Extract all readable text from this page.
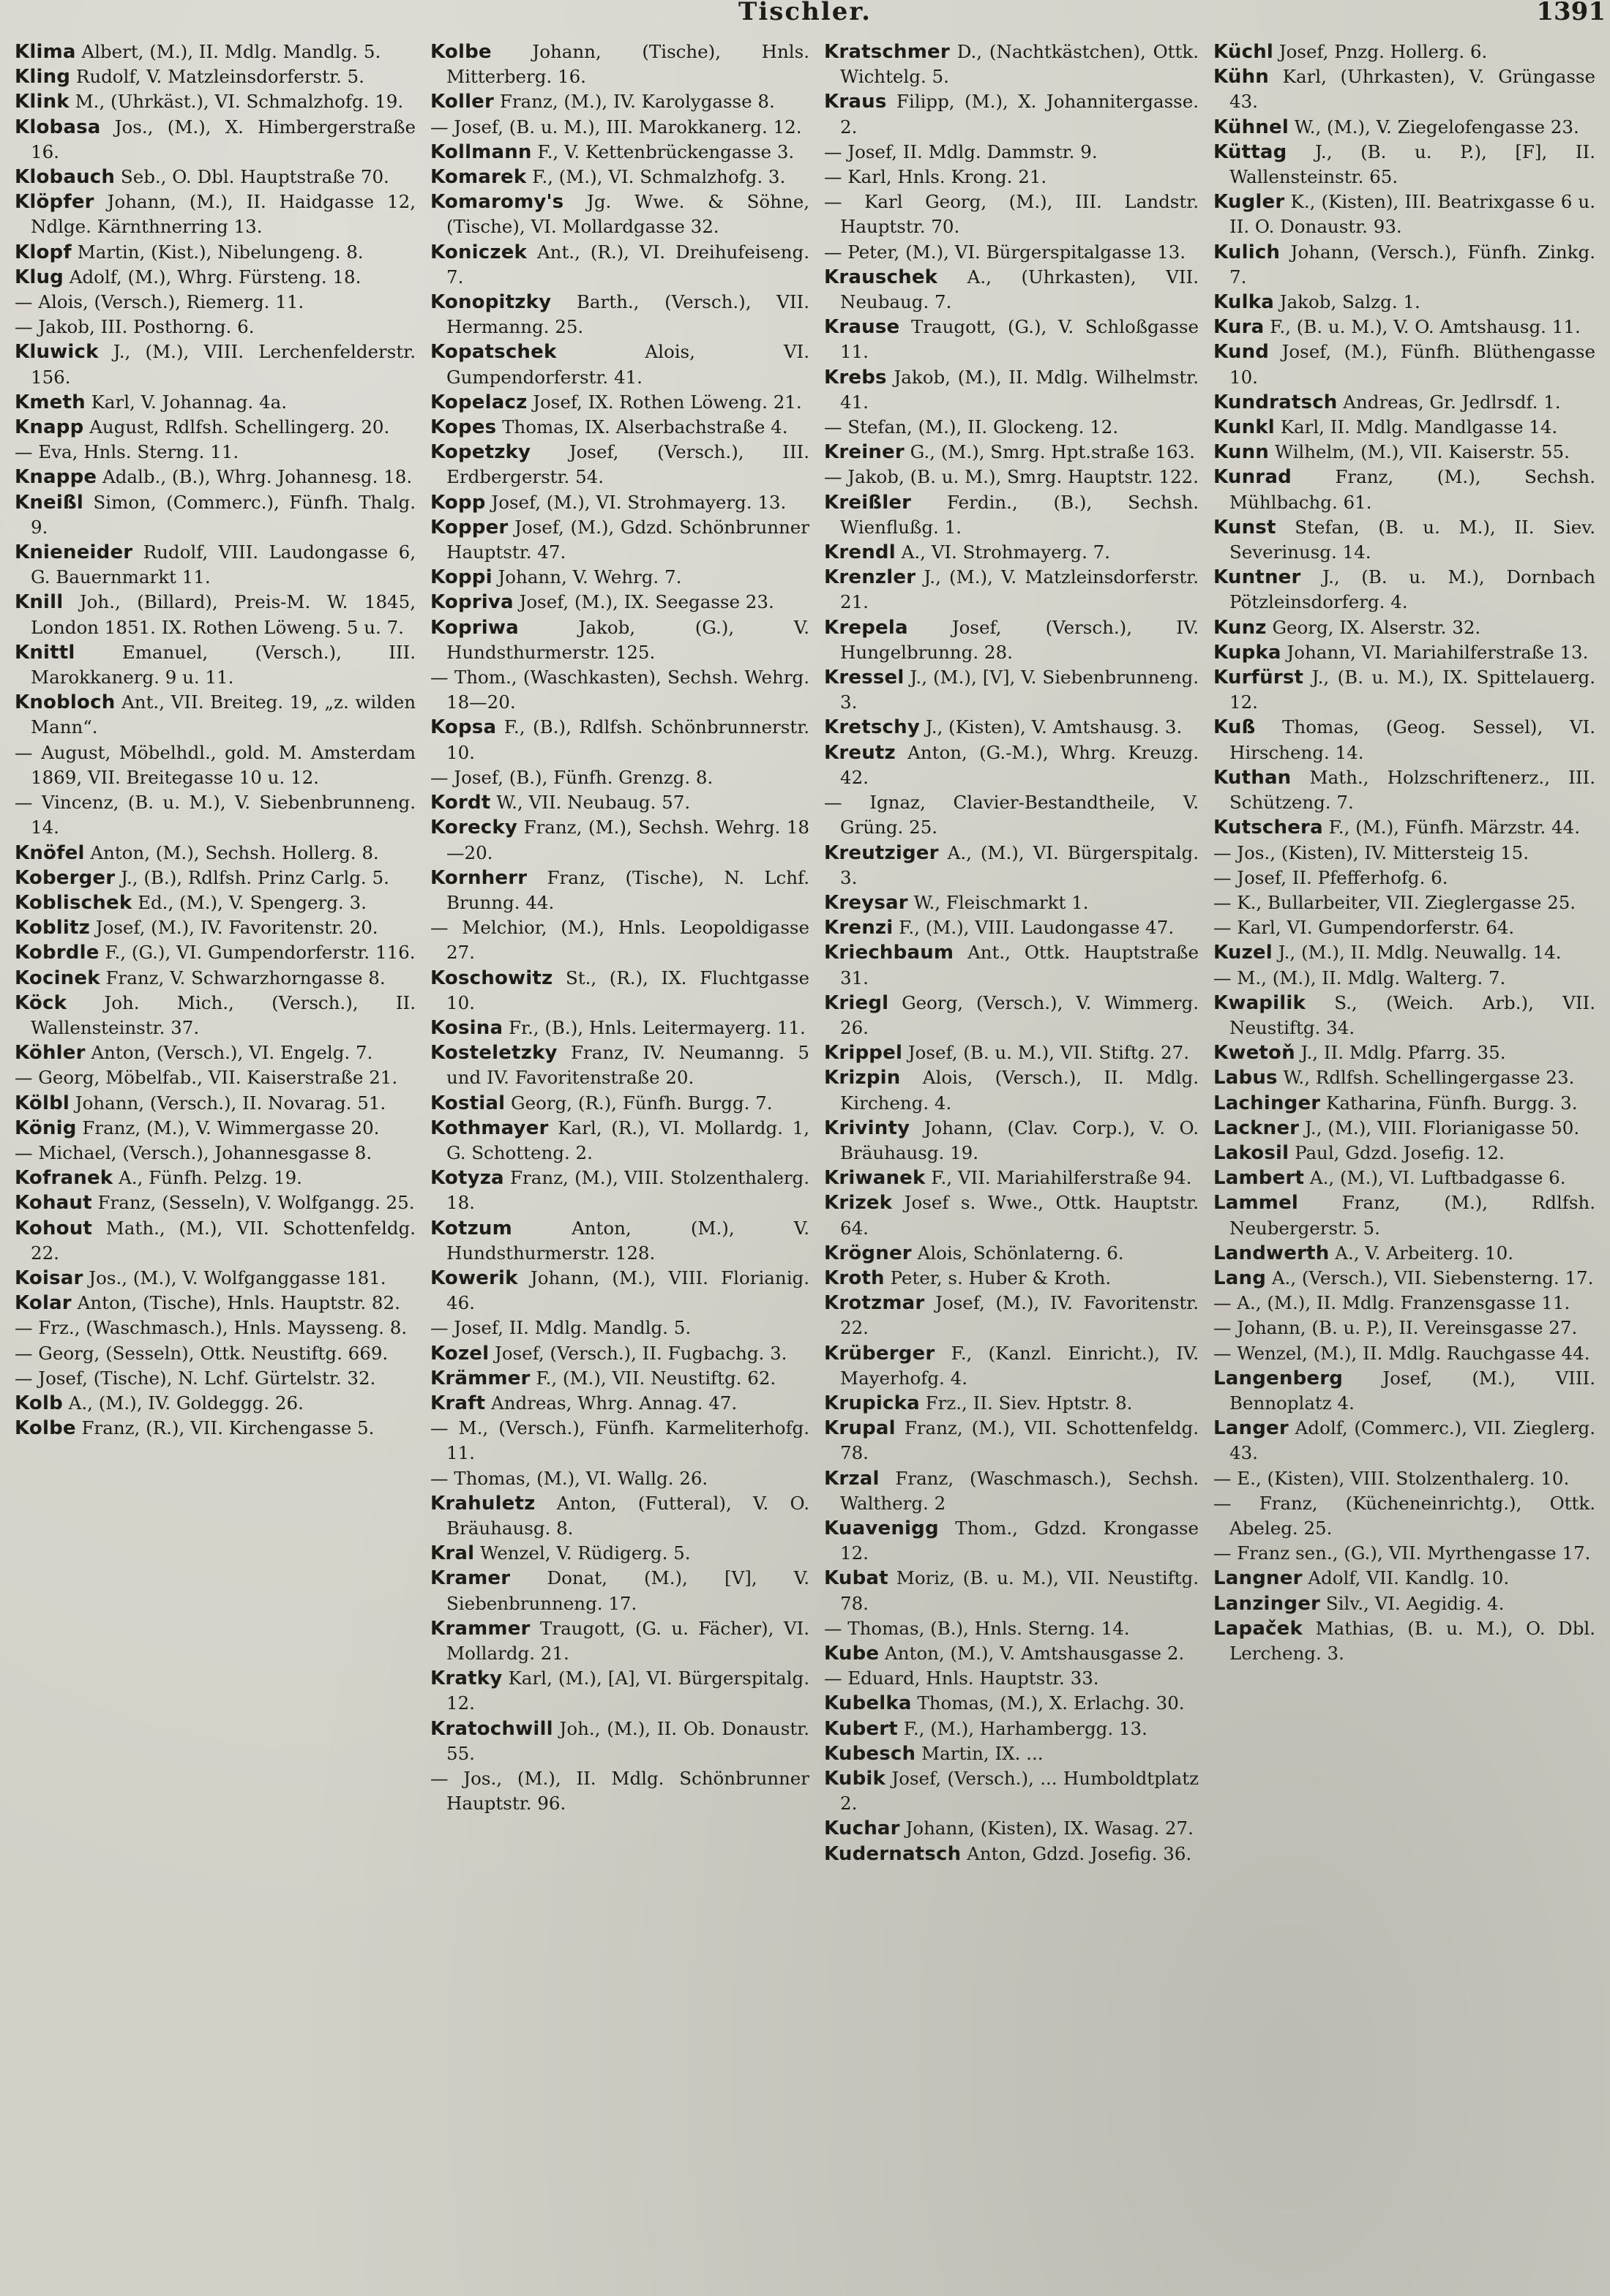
Tischler.	1391
Klima Albert, (M.), II. Mdlg. Mandlg. 5.
Kling Rudolf, V. Matzleinsdorferstr. 5.
Klink M., (Uhrkäst.), VI. Schmalzhofg. 19.
Klobasa Jos., (M.), X. Himbergerstraße 16.
Klobauch Seb., O. Dbl. Hauptstraße 70.
Klöpfer Johann, (M.), II. Haidgasse 12, Ndlge. Kärnthnerring 13.
Klopf Martin, (Kist.), Nibelungeng. 8.
Klug Adolf, (M.), Whrg. Fürsteng. 18.
— Alois, (Versch.), Riemerg. 11.
— Jakob, III. Posthorng. 6.
Kluwick J., (M.), VIII. Lerchenfelderstr. 156.
Kmeth Karl, V. Johannag. 4a.
Knapp August, Rdlfsh. Schellingerg. 20.
— Eva, Hnls. Sterng. 11.
Knappe Adalb., (B.), Whrg. Johannesg. 18.
Kneißl Simon, (Commerc.), Fünfh. Thalg. 9.
Knieneider Rudolf, VIII. Laudongasse 6, G. Bauernmarkt 11.
Knill Joh., (Billard), Preis-M. W. 1845, London 1851. IX. Rothen Löweng. 5 u. 7.
Knittl Emanuel, (Versch.), III. Marokkanerg. 9 u. 11.
Knobloch Ant., VII. Breiteg. 19, „z. wilden Mann“.
— August, Möbelhdl., gold. M. Amsterdam 1869, VII. Breitegasse 10 u. 12.
— Vincenz, (B. u. M.), V. Siebenbrunneng. 14.
Knöfel Anton, (M.), Sechsh. Hollerg. 8.
Koberger J., (B.), Rdlfsh. Prinz Carlg. 5.
Koblischek Ed., (M.), V. Spengerg. 3.
Koblitz Josef, (M.), IV. Favoritenstr. 20.
Kobrdle F., (G.), VI. Gumpendorferstr. 116.
Kocinek Franz, V. Schwarzhorngasse 8.
Köck Joh. Mich., (Versch.), II. Wallensteinstr. 37.
Köhler Anton, (Versch.), VI. Engelg. 7.
— Georg, Möbelfab., VII. Kaiserstraße 21.
Kölbl Johann, (Versch.), II. Novarag. 51.
König Franz, (M.), V. Wimmergasse 20.
— Michael, (Versch.), Johannesgasse 8.
Kofranek A., Fünfh. Pelzg. 19.
Kohaut Franz, (Sesseln), V. Wolfgangg. 25.
Kohout Math., (M.), VII. Schottenfeldg. 22.
Koisar Jos., (M.), V. Wolfganggasse 181.
Kolar Anton, (Tische), Hnls. Hauptstr. 82.
— Frz., (Waschmasch.), Hnls. Maysseng. 8.
— Georg, (Sesseln), Ottk. Neustiftg. 669.
— Josef, (Tische), N. Lchf. Gürtelstr. 32.
Kolb A., (M.), IV. Goldeggg. 26.
Kolbe Franz, (R.), VII. Kirchengasse 5.
Kolbe Johann, (Tische), Hnls. Mitterberg. 16.
Koller Franz, (M.), IV. Karolygasse 8.
— Josef, (B. u. M.), III. Marokkanerg. 12.
Kollmann F., V. Kettenbrückengasse 3.
Komarek F., (M.), VI. Schmalzhofg. 3.
Komaromy's Jg. Wwe. & Söhne, (Tische), VI. Mollardgasse 32.
Koniczek Ant., (R.), VI. Dreihufeiseng. 7.
Konopitzky Barth., (Versch.), VII. Hermanng. 25.
Kopatschek Alois, VI. Gumpendorferstr. 41.
Kopelacz Josef, IX. Rothen Löweng. 21.
Kopes Thomas, IX. Alserbachstraße 4.
Kopetzky Josef, (Versch.), III. Erdbergerstr. 54.
Kopp Josef, (M.), VI. Strohmayerg. 13.
Kopper Josef, (M.), Gdzd. Schönbrunner Hauptstr. 47.
Koppi Johann, V. Wehrg. 7.
Kopriva Josef, (M.), IX. Seegasse 23.
Kopriwa Jakob, (G.), V. Hundsthurmerstr. 125.
— Thom., (Waschkasten), Sechsh. Wehrg. 18—20.
Kopsa F., (B.), Rdlfsh. Schönbrunnerstr. 10.
— Josef, (B.), Fünfh. Grenzg. 8.
Kordt W., VII. Neubaug. 57.
Korecky Franz, (M.), Sechsh. Wehrg. 18—20.
Kornherr Franz, (Tische), N. Lchf. Brunng. 44.
— Melchior, (M.), Hnls. Leopoldigasse 27.
Koschowitz St., (R.), IX. Fluchtgasse 10.
Kosina Fr., (B.), Hnls. Leitermayerg. 11.
Kosteletzky Franz, IV. Neumanng. 5 und IV. Favoritenstraße 20.
Kostial Georg, (R.), Fünfh. Burgg. 7.
Kothmayer Karl, (R.), VI. Mollardg. 1, G. Schotteng. 2.
Kotyza Franz, (M.), VIII. Stolzenthalerg. 18.
Kotzum Anton, (M.), V. Hundsthurmerstr. 128.
Kowerik Johann, (M.), VIII. Florianig. 46.
— Josef, II. Mdlg. Mandlg. 5.
Kozel Josef, (Versch.), II. Fugbachg. 3.
Krämmer F., (M.), VII. Neustiftg. 62.
Kraft Andreas, Whrg. Annag. 47.
— M., (Versch.), Fünfh. Karmeliterhofg. 11.
— Thomas, (M.), VI. Wallg. 26.
Krahuletz Anton, (Futteral), V. O. Bräuhausg. 8.
Kral Wenzel, V. Rüdigerg. 5.
Kramer Donat, (M.), [V], V. Siebenbrunneng. 17.
Krammer Traugott, (G. u. Fächer), VI. Mollardg. 21.
Kratky Karl, (M.), [A], VI. Bürgerspitalg. 12.
Kratochwill Joh., (M.), II. Ob. Donaustr. 55.
— Jos., (M.), II. Mdlg. Schönbrunner Hauptstr. 96.
Kratschmer D., (Nachtkästchen), Ottk. Wichtelg. 5.
Kraus Filipp, (M.), X. Johannitergasse. 2.
— Josef, II. Mdlg. Dammstr. 9.
— Karl, Hnls. Krong. 21.
— Karl Georg, (M.), III. Landstr. Hauptstr. 70.
— Peter, (M.), VI. Bürgerspitalgasse 13.
Krauschek A., (Uhrkasten), VII. Neubaug. 7.
Krause Traugott, (G.), V. Schloßgasse 11.
Krebs Jakob, (M.), II. Mdlg. Wilhelmstr. 41.
— Stefan, (M.), II. Glockeng. 12.
Kreiner G., (M.), Smrg. Hpt.straße 163.
— Jakob, (B. u. M.), Smrg. Hauptstr. 122.
Kreißler Ferdin., (B.), Sechsh. Wienflußg. 1.
Krendl A., VI. Strohmayerg. 7.
Krenzler J., (M.), V. Matzleinsdorferstr. 21.
Krepela Josef, (Versch.), IV. Hungelbrunng. 28.
Kressel J., (M.), [V], V. Siebenbrunneng. 3.
Kretschy J., (Kisten), V. Amtshausg. 3.
Kreutz Anton, (G.-M.), Whrg. Kreuzg. 42.
— Ignaz, Clavier-Bestandtheile, V. Grüng. 25.
Kreutziger A., (M.), VI. Bürgerspitalg. 3.
Kreysar W., Fleischmarkt 1.
Krenzi F., (M.), VIII. Laudongasse 47.
Kriechbaum Ant., Ottk. Hauptstraße 31.
Kriegl Georg, (Versch.), V. Wimmerg. 26.
Krippel Josef, (B. u. M.), VII. Stiftg. 27.
Krizpin Alois, (Versch.), II. Mdlg. Kircheng. 4.
Krivinty Johann, (Clav. Corp.), V. O. Bräuhausg. 19.
Kriwanek F., VII. Mariahilferstraße 94.
Krizek Josef s. Wwe., Ottk. Hauptstr. 64.
Krögner Alois, Schönlaterng. 6.
Kroth Peter, s. Huber & Kroth.
Krotzmar Josef, (M.), IV. Favoritenstr. 22.
Krüberger F., (Kanzl. Einricht.), IV. Mayerhofg. 4.
Krupicka Frz., II. Siev. Hptstr. 8.
Krupal Franz, (M.), VII. Schottenfeldg. 78.
Krzal Franz, (Waschmasch.), Sechsh. Waltherg. 2
Kuavenigg Thom., Gdzd. Krongasse 12.
Kubat Moriz, (B. u. M.), VII. Neustiftg. 78.
— Thomas, (B.), Hnls. Sterng. 14.
Kube Anton, (M.), V. Amtshausgasse 2.
— Eduard, Hnls. Hauptstr. 33.
Kubelka Thomas, (M.), X. Erlachg. 30.
Kubert F., (M.), Harhambergg. 13.
Kubesch Martin, IX. ...
Kubik Josef, (Versch.), ... Humboldtplatz 2.
Kuchar Johann, (Kisten), IX. Wasag. 27.
Kudernatsch Anton, Gdzd. Josefig. 36.
Küchl Josef, Pnzg. Hollerg. 6.
Kühn Karl, (Uhrkasten), V. Grüngasse 43.
Kühnel W., (M.), V. Ziegelofengasse 23.
Küttag J., (B. u. P.), [F], II. Wallensteinstr. 65.
Kugler K., (Kisten), III. Beatrixgasse 6 u. II. O. Donaustr. 93.
Kulich Johann, (Versch.), Fünfh. Zinkg. 7.
Kulka Jakob, Salzg. 1.
Kura F., (B. u. M.), V. O. Amtshausg. 11.
Kund Josef, (M.), Fünfh. Blüthengasse 10.
Kundratsch Andreas, Gr. Jedlrsdf. 1.
Kunkl Karl, II. Mdlg. Mandlgasse 14.
Kunn Wilhelm, (M.), VII. Kaiserstr. 55.
Kunrad Franz, (M.), Sechsh. Mühlbachg. 61.
Kunst Stefan, (B. u. M.), II. Siev. Severinusg. 14.
Kuntner J., (B. u. M.), Dornbach Pötzleinsdorferg. 4.
Kunz Georg, IX. Alserstr. 32.
Kupka Johann, VI. Mariahilferstraße 13.
Kurfürst J., (B. u. M.), IX. Spittelauerg. 12.
Kuß Thomas, (Geog. Sessel), VI. Hirscheng. 14.
Kuthan Math., Holzschriftenerz., III. Schützeng. 7.
Kutschera F., (M.), Fünfh. Märzstr. 44.
— Jos., (Kisten), IV. Mittersteig 15.
— Josef, II. Pfefferhofg. 6.
— K., Bullarbeiter, VII. Zieglergasse 25.
— Karl, VI. Gumpendorferstr. 64.
Kuzel J., (M.), II. Mdlg. Neuwallg. 14.
— M., (M.), II. Mdlg. Walterg. 7.
Kwapilik S., (Weich. Arb.), VII. Neustiftg. 34.
Kwetoň J., II. Mdlg. Pfarrg. 35.
Labus W., Rdlfsh. Schellingergasse 23.
Lachinger Katharina, Fünfh. Burgg. 3.
Lackner J., (M.), VIII. Florianigasse 50.
Lakosil Paul, Gdzd. Josefig. 12.
Lambert A., (M.), VI. Luftbadgasse 6.
Lammel Franz, (M.), Rdlfsh. Neubergerstr. 5.
Landwerth A., V. Arbeiterg. 10.
Lang A., (Versch.), VII. Siebensterng. 17.
— A., (M.), II. Mdlg. Franzensgasse 11.
— Johann, (B. u. P.), II. Vereinsgasse 27.
— Wenzel, (M.), II. Mdlg. Rauchgasse 44.
Langenberg Josef, (M.), VIII. Bennoplatz 4.
Langer Adolf, (Commerc.), VII. Zieglerg. 43.
— E., (Kisten), VIII. Stolzenthalerg. 10.
— Franz, (Kücheneinrichtg.), Ottk. Abeleg. 25.
— Franz sen., (G.), VII. Myrthengasse 17.
Langner Adolf, VII. Kandlg. 10.
Lanzinger Silv., VI. Aegidig. 4.
Lapaček Mathias, (B. u. M.), O. Dbl. Lercheng. 3.
